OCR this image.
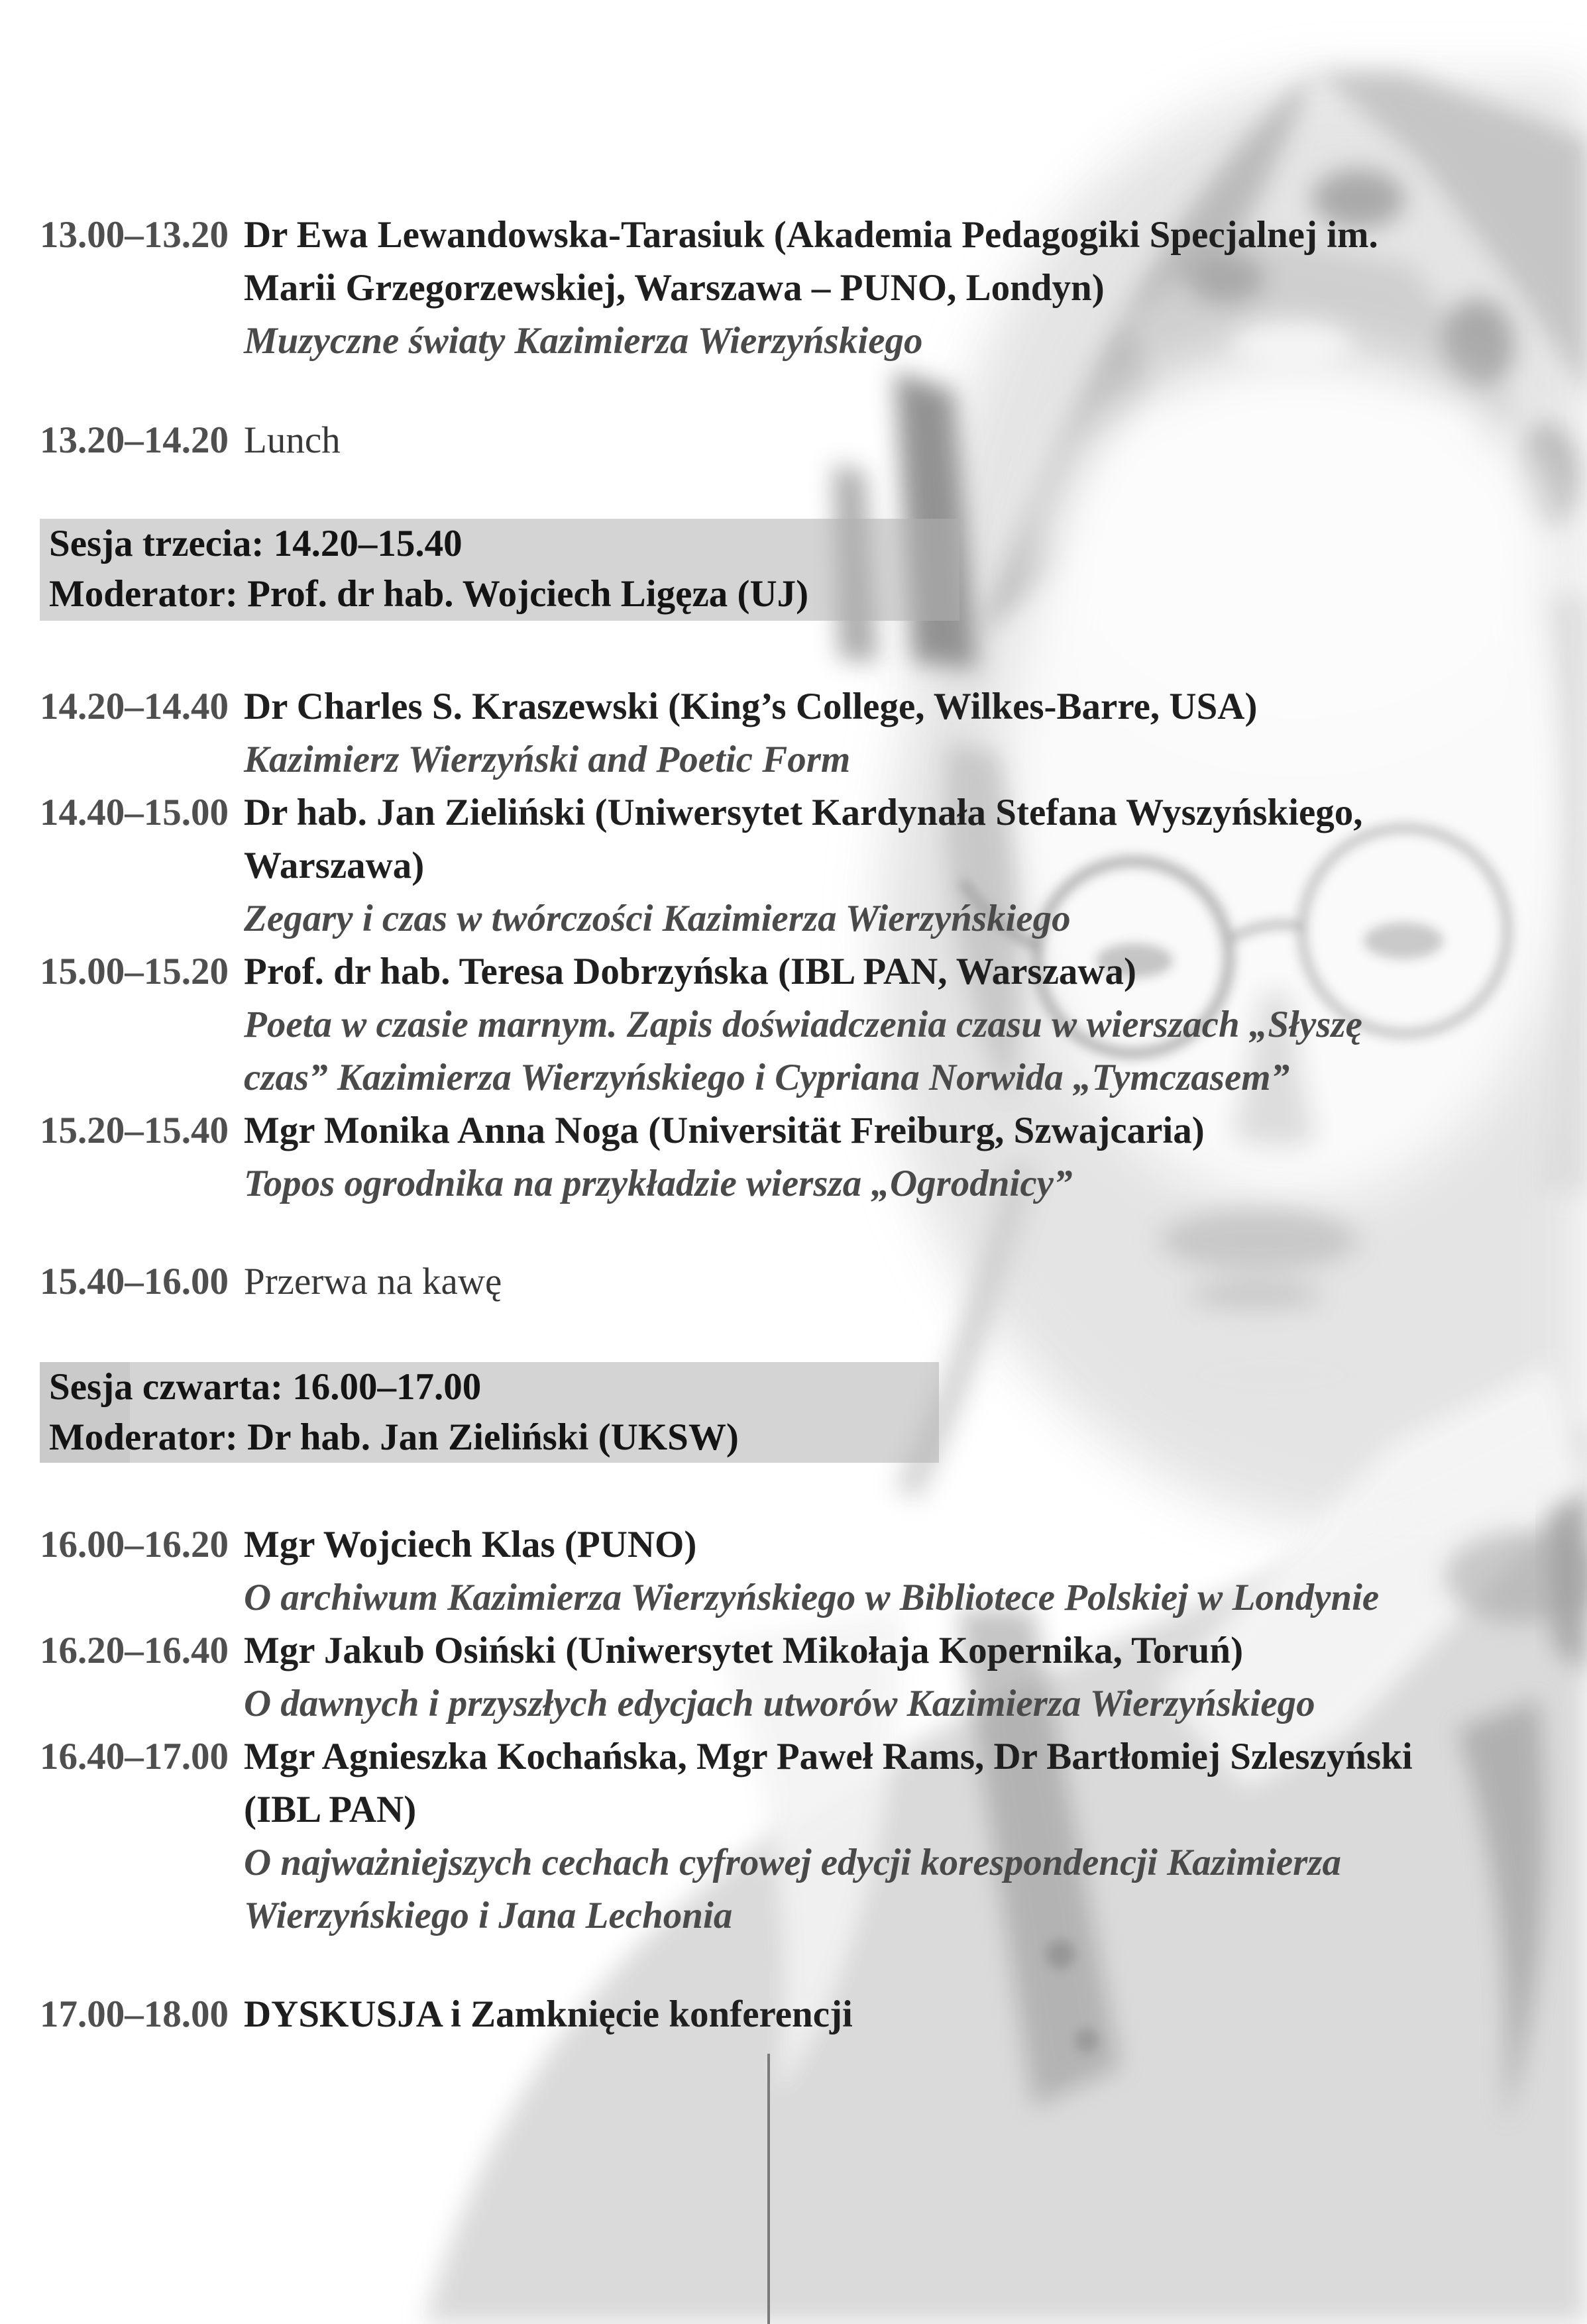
13.00–13.20 Dr Ewa Lewandowska-Tarasiuk (Akademia Pedagogiki Specjalnej im.
Marii Grzegorzewskiej, Warszawa – PUNO, Londyn)
Muzyczne światy Kazimierza Wierzyńskiego
13.20–14.20 Lunch
Sesja trzecia: 14.20–15.40
Moderator: Prof. dr hab. Wojciech Ligęza (UJ)
14.20–14.40 Dr Charles S. Kraszewski (King’s College, Wilkes-Barre, USA)
Kazimierz Wierzyński and Poetic Form
14.40–15.00 Dr hab. Jan Zieliński (Uniwersytet Kardynała Stefana Wyszyńskiego,
Warszawa)
Zegary i czas w twórczości Kazimierza Wierzyńskiego
15.00–15.20 Prof. dr hab. Teresa Dobrzyńska (IBL PAN, Warszawa)
Poeta w czasie marnym. Zapis doświadczenia czasu w wierszach „Słyszę
czas” Kazimierza Wierzyńskiego i Cypriana Norwida „Tymczasem”
15.20–15.40 Mgr Monika Anna Noga (Universität Freiburg, Szwajcaria)
Topos ogrodnika na przykładzie wiersza „Ogrodnicy”
15.40–16.00 Przerwa na kawę
Sesja czwarta: 16.00–17.00
Moderator: Dr hab. Jan Zieliński (UKSW)
16.00–16.20 Mgr Wojciech Klas (PUNO)
O archiwum Kazimierza Wierzyńskiego w Bibliotece Polskiej w Londynie
16.20–16.40 Mgr Jakub Osiński (Uniwersytet Mikołaja Kopernika, Toruń)
O dawnych i przyszłych edycjach utworów Kazimierza Wierzyńskiego
16.40–17.00 Mgr Agnieszka Kochańska, Mgr Paweł Rams, Dr Bartłomiej Szleszyński
(IBL PAN)
O najważniejszych cechach cyfrowej edycji korespondencji Kazimierza
Wierzyńskiego i Jana Lechonia
17.00–18.00 DYSKUSJA i Zamknięcie konferencji
